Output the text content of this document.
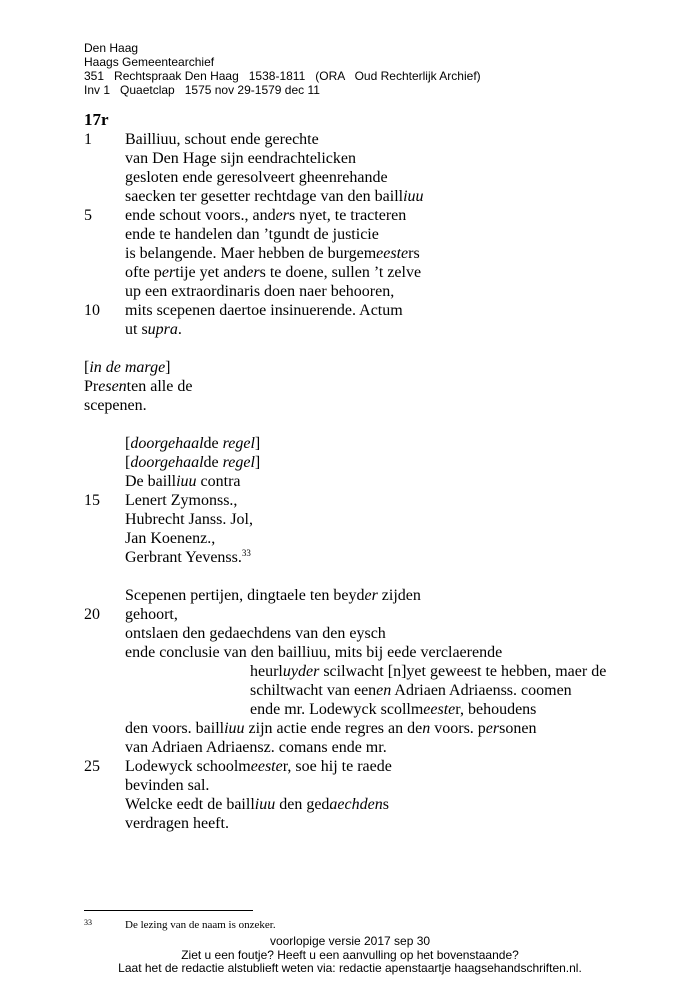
Den Haag
Haags Gemeentearchief
351   Rechtspraak Den Haag   1538-1811   (ORA   Oud Rechterlijk Archief)
Inv 1   Quaetclap   1575 nov 29-1579 dec 11
17r
1 Bailliuu, schout ende gerechte
van Den Hage sijn eendrachtelicken
gesloten ende geresolveert gheenrehande
saecken ter gesetter rechtdage van den bailliuu
5 ende schout voors., anders nyet, te tracteren
ende te handelen dan ’tgundt de justicie
is belangende. Maer hebben de burgemeesters
ofte pertije yet anders te doene, sullen ’t zelve
up een extraordinaris doen naer behooren,
10 mits scepenen daertoe insinuerende. Actum
ut supra.
[in de marge]
Presenten alle de
scepenen.
[doorgehaalde regel]
[doorgehaalde regel]
De bailliuu contra
15 Lenert Zymonss.,
Hubrecht Janss. Jol,
Jan Koenenz.,
Gerbrant Yevenss.$^{33}$
Scepenen pertijen, dingtaele ten beyder zijden
20 gehoort,
ontslaen den gedaechdens van den eysch
ende conclusie van den bailliuu, mits bij eede verclaerende
heurluyder scilwacht [n]yet geweest te hebben, maer de
schiltwacht van eenen Adriaen Adriaenss. coomen
ende mr. Lodewyck scollmeester, behoudens
den voors. bailliuu zijn actie ende regres an den voors. personen
van Adriaen Adriaensz. comans ende mr.
25 Lodewyck schoolmeester, soe hij te raede
bevinden sal.
Welcke eedt de bailliuu den gedaechdens
verdragen heeft.
33	De lezing van de naam is onzeker.
voorlopige versie 2017 sep 30
Ziet u een foutje? Heeft u een aanvulling op het bovenstaande?
Laat het de redactie alstublieft weten via: redactie apenstaartje haagsehandschriften.nl.
